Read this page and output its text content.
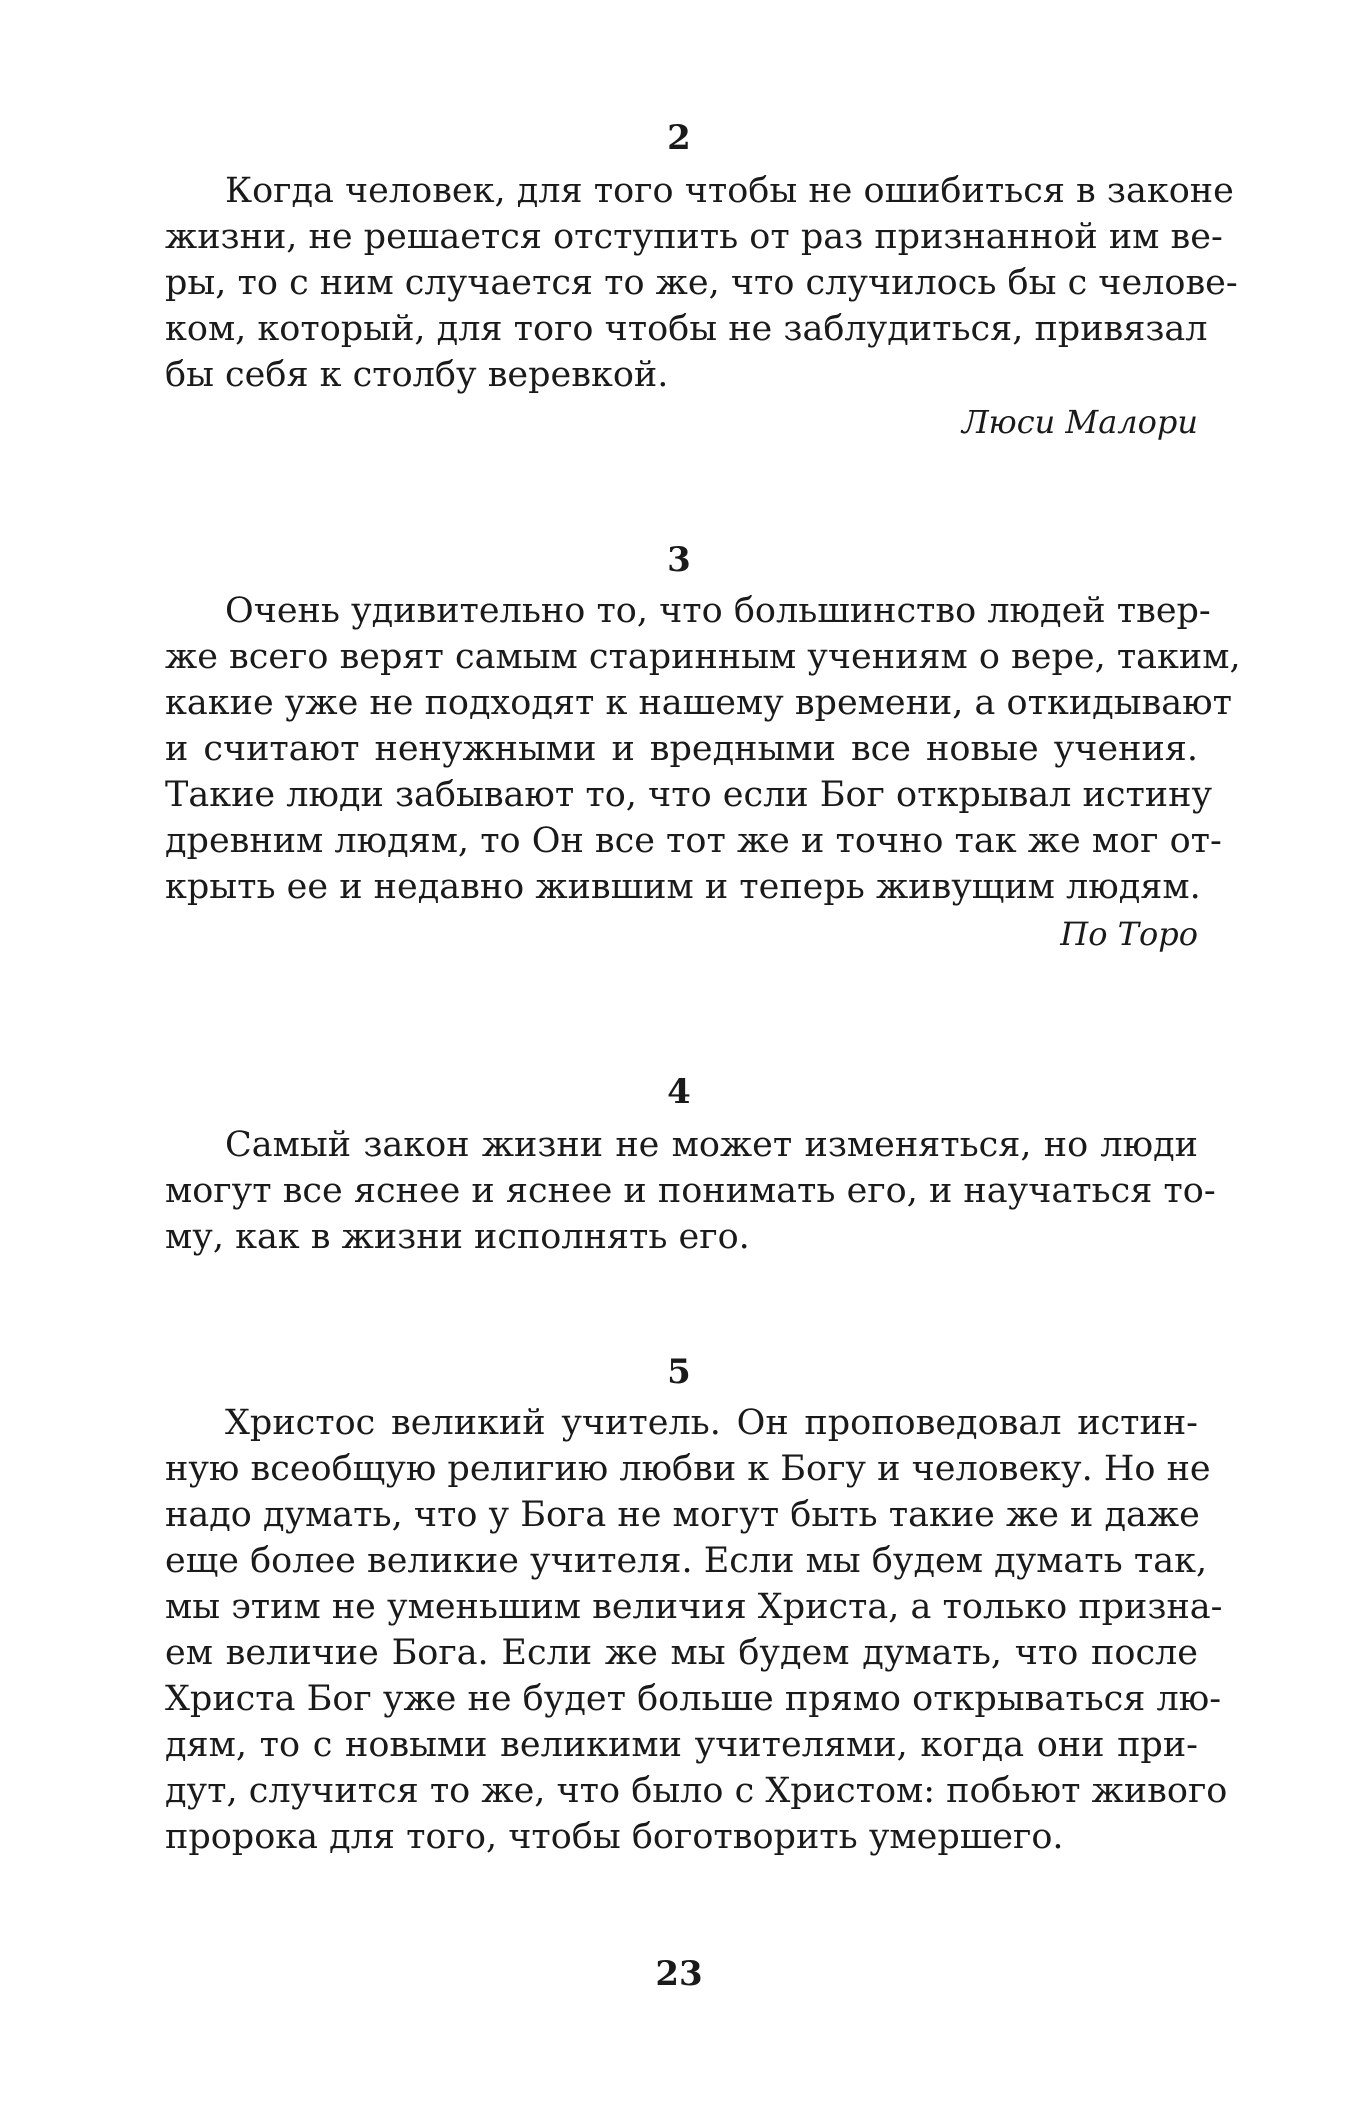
2
Когда человек, для того чтобы не ошибиться в законе
жизни, не решается отступить от раз признанной им ве-
ры, то с ним случается то же, что случилось бы с челове-
ком, который, для того чтобы не заблудиться, привязал
бы себя к столбу веревкой.
Люси Малори
3
Очень удивительно то, что большинство людей твер-
же всего верят самым старинным учениям о вере, таким,
какие уже не подходят к нашему времени, а откидывают
и считают ненужными и вредными все новые учения.
Такие люди забывают то, что если Бог открывал истину
древним людям, то Он все тот же и точно так же мог от-
крыть ее и недавно жившим и теперь живущим людям.
По Торо
4
Самый закон жизни не может изменяться, но люди
могут все яснее и яснее и понимать его, и научаться то-
му, как в жизни исполнять его.
5
Христос великий учитель. Он проповедовал истин-
ную всеобщую религию любви к Богу и человеку. Но не
надо думать, что у Бога не могут быть такие же и даже
еще более великие учителя. Если мы будем думать так,
мы этим не уменьшим величия Христа, а только призна-
ем величие Бога. Если же мы будем думать, что после
Христа Бог уже не будет больше прямо открываться лю-
дям, то с новыми великими учителями, когда они при-
дут, случится то же, что было с Христом: побьют живого
пророка для того, чтобы боготворить умершего.
23
